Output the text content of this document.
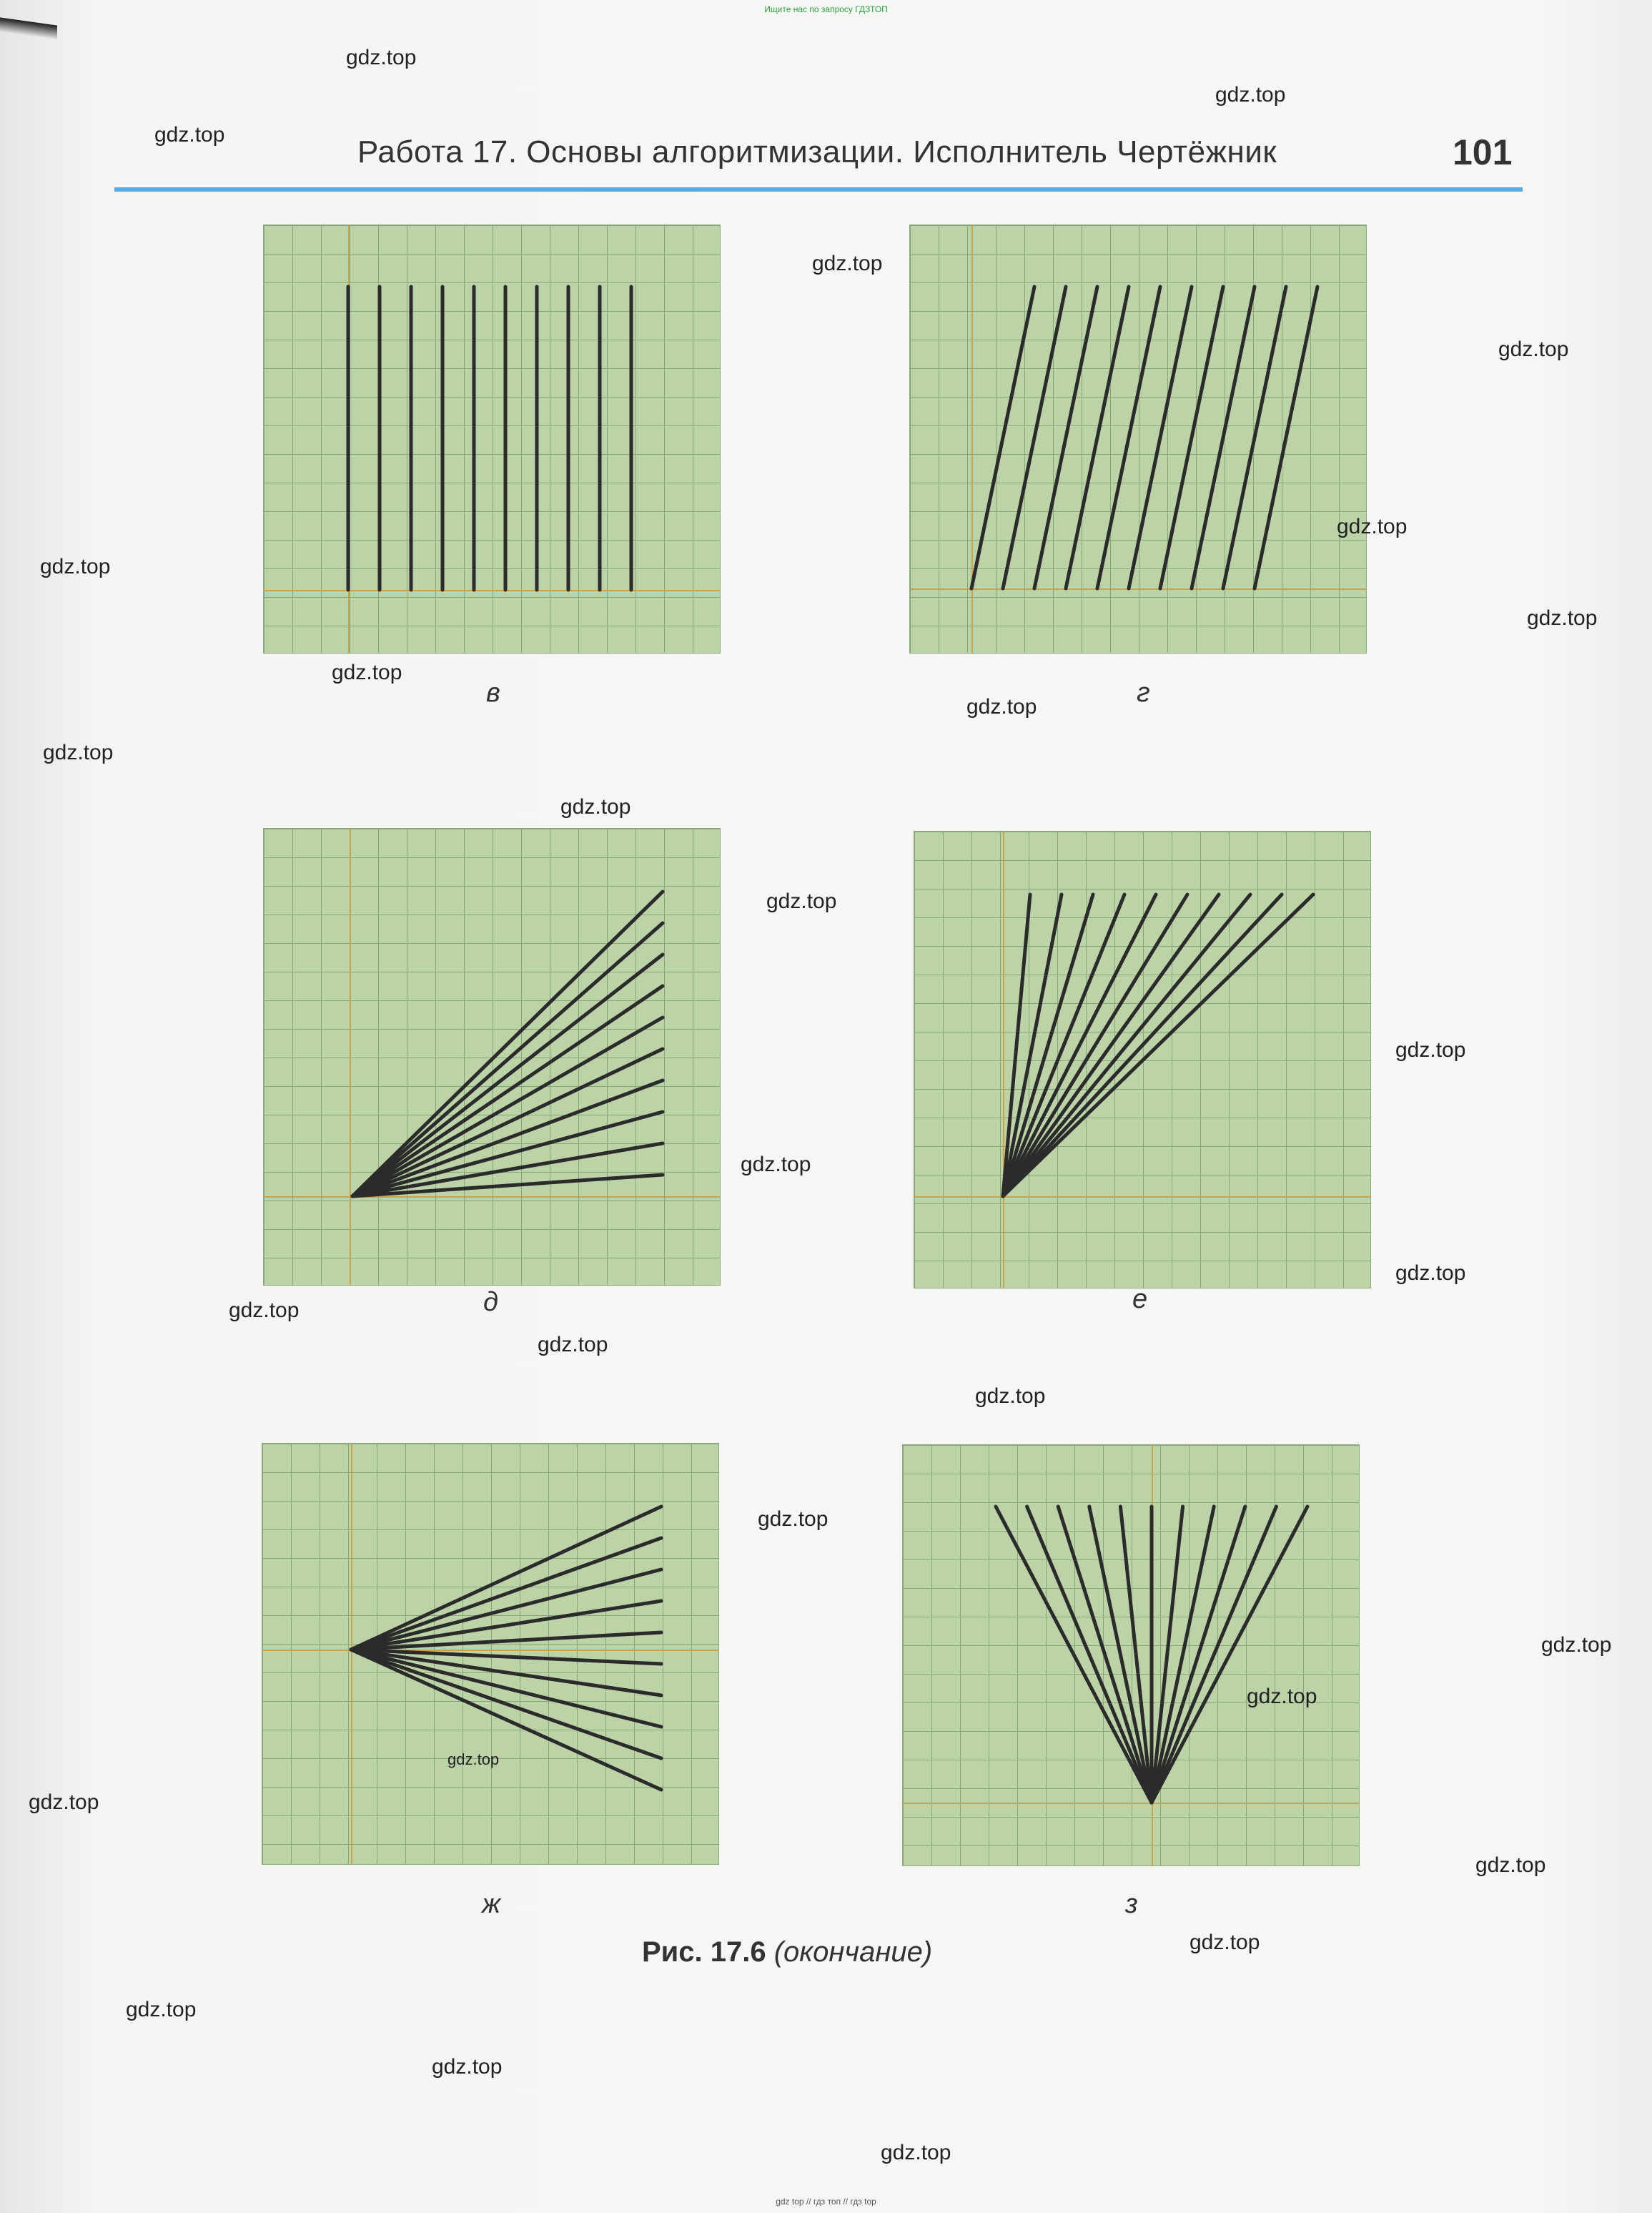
Ищите нас по запросу ГДЗТОП
Работа 17. Основы алгоритмизации. Исполнитель Чертёжник	101
в	г
д	е
ж	з
Рис. 17.6 (окончание)
gdz.top
gdz.top
gdz.top
gdz.top
gdz.top
gdz.top
gdz.top
gdz.top
gdz.top
gdz.top
gdz.top
gdz.top
gdz.top
gdz.top
gdz.top
gdz.top
gdz.top
gdz.top
gdz.top
gdz.top
gdz.top
gdz.top
gdz.top
gdz.top
gdz.top
gdz.top
gdz.top
gdz.top
gdz.top
gdz top // гдз топ // гдз top
